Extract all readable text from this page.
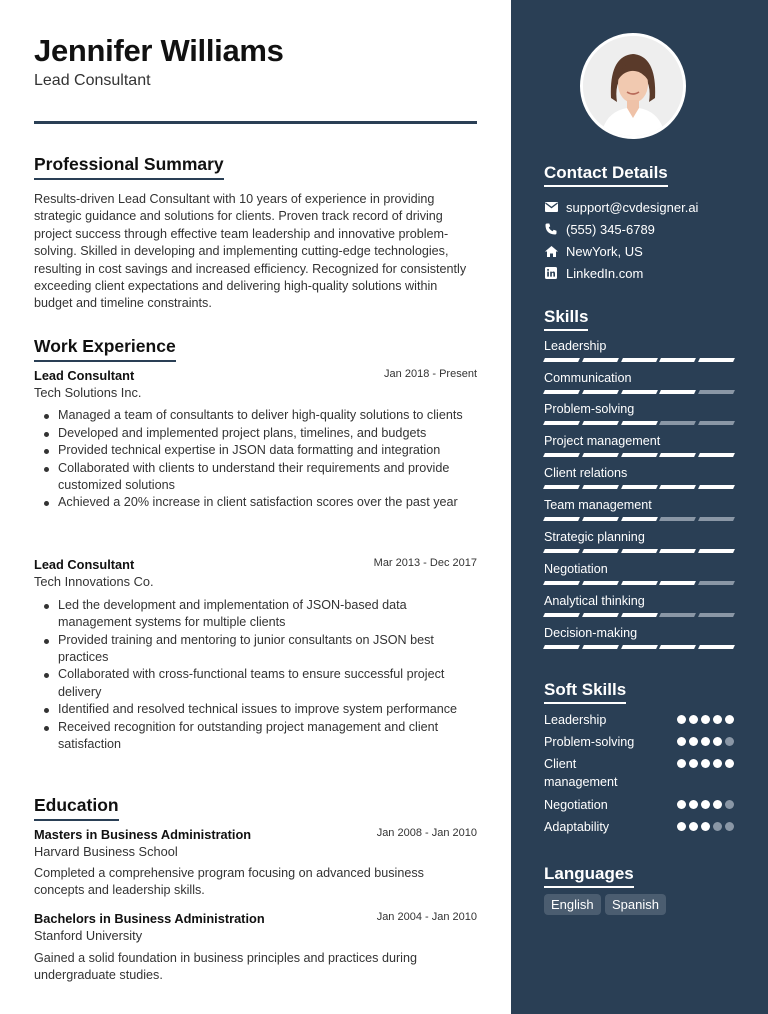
Jennifer Williams
Lead Consultant
Professional Summary
Results-driven Lead Consultant with 10 years of experience in providing strategic guidance and solutions for clients. Proven track record of driving project success through effective team leadership and innovative problem-solving. Skilled in developing and implementing cutting-edge technologies, resulting in cost savings and increased efficiency. Recognized for consistently exceeding client expectations and delivering high-quality solutions within budget and timeline constraints.
Work Experience
Lead Consultant	Jan 2018 - Present
Tech Solutions Inc.
Managed a team of consultants to deliver high-quality solutions to clients
Developed and implemented project plans, timelines, and budgets
Provided technical expertise in JSON data formatting and integration
Collaborated with clients to understand their requirements and provide customized solutions
Achieved a 20% increase in client satisfaction scores over the past year
Lead Consultant	Mar 2013 - Dec 2017
Tech Innovations Co.
Led the development and implementation of JSON-based data management systems for multiple clients
Provided training and mentoring to junior consultants on JSON best practices
Collaborated with cross-functional teams to ensure successful project delivery
Identified and resolved technical issues to improve system performance
Received recognition for outstanding project management and client satisfaction
Education
Masters in Business Administration	Jan 2008 - Jan 2010
Harvard Business School
Completed a comprehensive program focusing on advanced business concepts and leadership skills.
Bachelors in Business Administration	Jan 2004 - Jan 2010
Stanford University
Gained a solid foundation in business principles and practices during undergraduate studies.
Contact Details
support@cvdesigner.ai
(555) 345-6789
NewYork, US
LinkedIn.com
Skills
Leadership
Communication
Problem-solving
Project management
Client relations
Team management
Strategic planning
Negotiation
Analytical thinking
Decision-making
Soft Skills
Leadership
Problem-solving
Client management
Negotiation
Adaptability
Languages
English	Spanish
